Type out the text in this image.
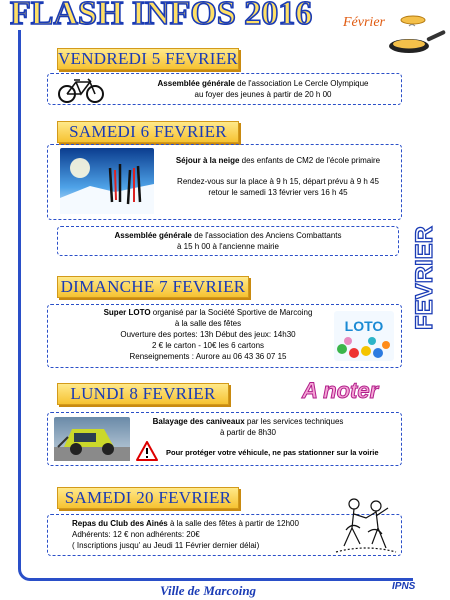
FLASH INFOS 2016 Février
FEVRIER
VENDREDI 5 FEVRIER
Assemblée générale de l'association Le Cercle Olympique
au foyer des jeunes à partir de 20 h 00
SAMEDI 6 FEVRIER
Séjour à la neige des enfants de CM2 de l'école primaire
Rendez-vous sur la place à 9 h 15, départ prévu à 9 h 45
retour le samedi 13 février vers 16 h 45
Assemblée générale de l'association des Anciens Combattants
à 15 h 00 à l'ancienne mairie
DIMANCHE 7 FEVRIER
Super LOTO organisé par la Société Sportive de Marcoing
à la salle des fêtes
Ouverture des portes: 13h Début des jeux: 14h30
2 € le carton - 10€ les 6 cartons
Renseignements : Aurore au 06 43 36 07 15
LOTO
LUNDI 8 FEVRIER	A noter
Balayage des caniveaux par les services techniques
à partir de 8h30
Pour protéger votre véhicule, ne pas stationner sur la voirie
SAMEDI 20 FEVRIER
Repas du Club des Ainés à la salle des fêtes à partir de 12h00
Adhérents: 12 € non adhérents: 20€
( Inscriptions jusqu' au Jeudi 11 Février dernier délai)
Ville de Marcoing	IPNS
